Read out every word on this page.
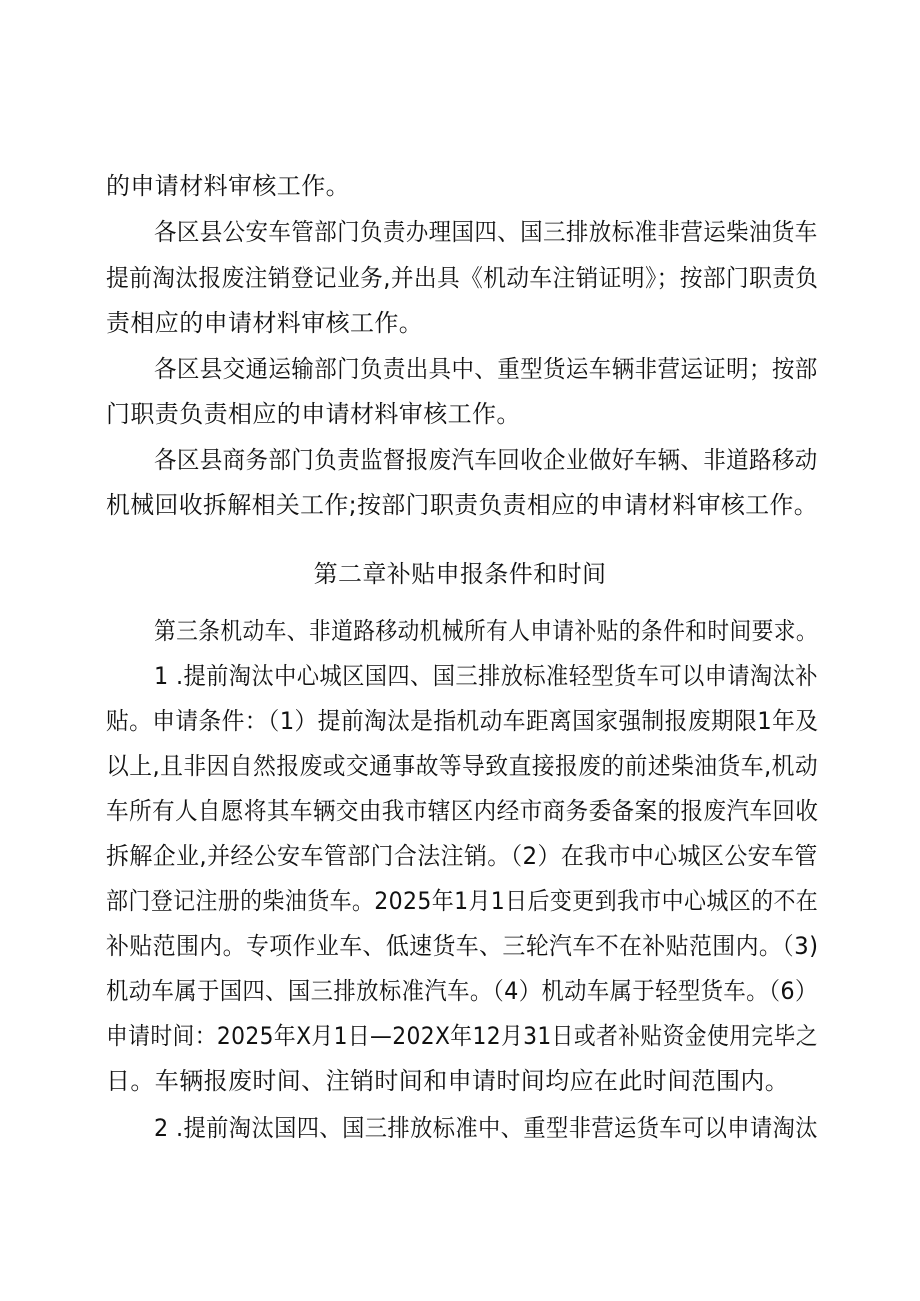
的申请材料审核工作。

各区县公安车管部门负责办理国四、国三排放标准非营运柴油货车

提前淘汰报废注销登记业务,并出具《机动车注销证明》；按部门职责负

责相应的申请材料审核工作。

各区县交通运输部门负责出具中、重型货运车辆非营运证明；按部

门职责负责相应的申请材料审核工作。

各区县商务部门负责监督报废汽车回收企业做好车辆、非道路移动

机械回收拆解相关工作;按部门职责负责相应的申请材料审核工作。

第二章补贴申报条件和时间

第三条机动车、非道路移动机械所有人申请补贴的条件和时间要求。

1 .提前淘汰中心城区国四、国三排放标准轻型货车可以申请淘汰补

贴。申请条件：（1）提前淘汰是指机动车距离国家强制报废期限1年及

以上,且非因自然报废或交通事故等导致直接报废的前述柴油货车,机动

车所有人自愿将其车辆交由我市辖区内经市商务委备案的报废汽车回收

拆解企业,并经公安车管部门合法注销。（2）在我市中心城区公安车管

部门登记注册的柴油货车。2025年1月1日后变更到我市中心城区的不在

补贴范围内。专项作业车、低速货车、三轮汽车不在补贴范围内。（3)

机动车属于国四、国三排放标准汽车。（4）机动车属于轻型货车。（6）

申请时间：2025年X月1日—202X年12月31日或者补贴资金使用完毕之

日。车辆报废时间、注销时间和申请时间均应在此时间范围内。

2 .提前淘汰国四、国三排放标准中、重型非营运货车可以申请淘汰
